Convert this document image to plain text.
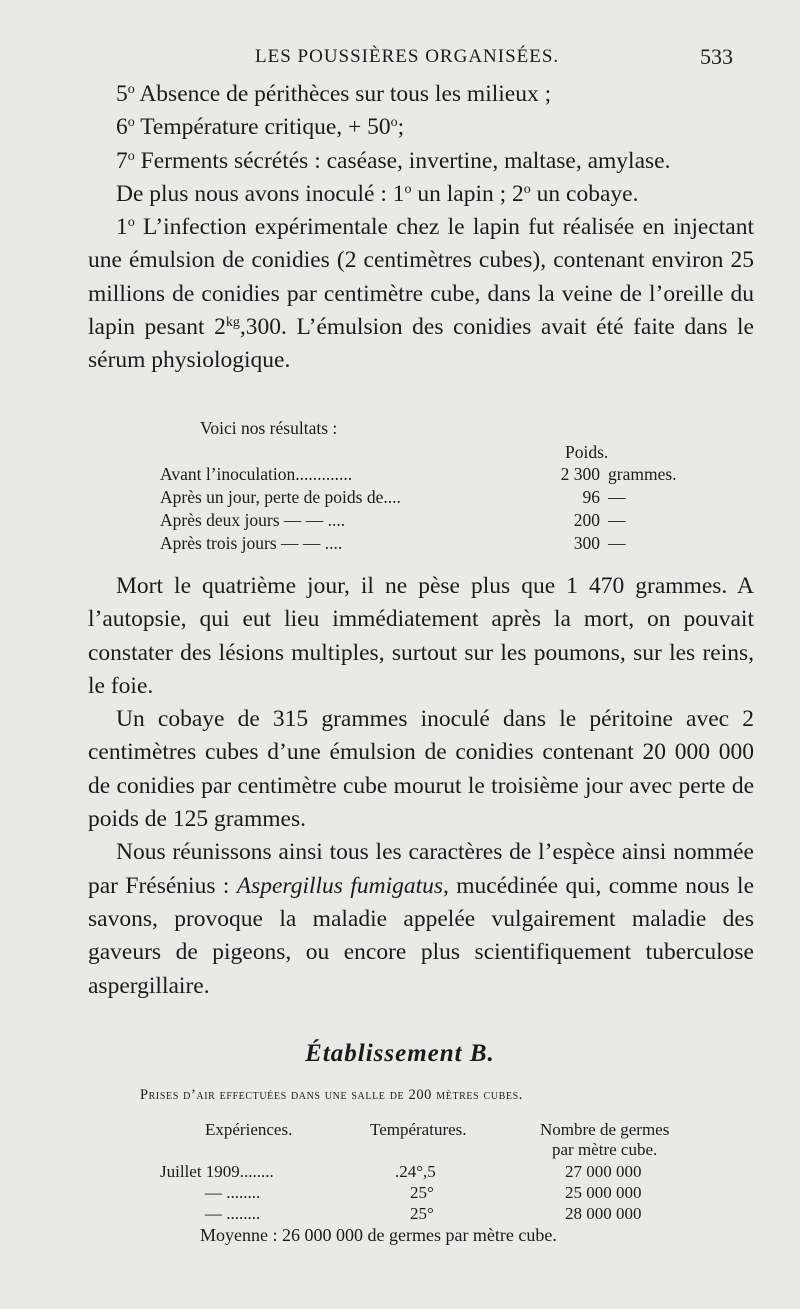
LES POUSSIÈRES ORGANISÉES.	533

5$^o$ Absence de périthèces sur tous les milieux ;

6$^o$ Température critique, + $50^o$;

7$^o$ Ferments sécrétés : caséase, invertine, maltase, amylase.

De plus nous avons inoculé : 1$^o$ un lapin ; 2$^o$ un cobaye.

1$^o$ L’infection expérimentale chez le lapin fut réalisée en injectant une émulsion de conidies (2 centimètres cubes), contenant environ 25 millions de conidies par centimètre cube, dans la veine de l’oreille du lapin pesant $2^{kg},300$. L’émulsion des conidies avait été faite dans le sérum physiologique.

Voici nos résultats :
Poids.
Avant l’inoculation.............	2 300 grammes.
Après un jour, perte de poids de....	96 —
Après deux jours — — ....	200 —
Après trois jours — — ....	300 —

Mort le quatrième jour, il ne pèse plus que 1 470 grammes. A l’autopsie, qui eut lieu immédiatement après la mort, on pouvait constater des lésions multiples, surtout sur les poumons, sur les reins, le foie.

Un cobaye de 315 grammes inoculé dans le péritoine avec 2 centimètres cubes d’une émulsion de conidies contenant 20 000 000 de conidies par centimètre cube mourut le troisième jour avec perte de poids de 125 grammes.

Nous réunissons ainsi tous les caractères de l’espèce ainsi nommée par Frésénius : Aspergillus fumigatus, mucédinée qui, comme nous le savons, provoque la maladie appelée vulgairement maladie des gaveurs de pigeons, ou encore plus scientifiquement tuberculose aspergillaire.

Établissement B.
Prises d’air effectuées dans une salle de 200 mètres cubes.
Expériences.	Températures.	Nombre de germes
par mètre cube.
Juillet 1909........	.24°,5	27 000 000
— ........	25°	25 000 000
— ........	25°	28 000 000
Moyenne : 26 000 000 de germes par mètre cube.
